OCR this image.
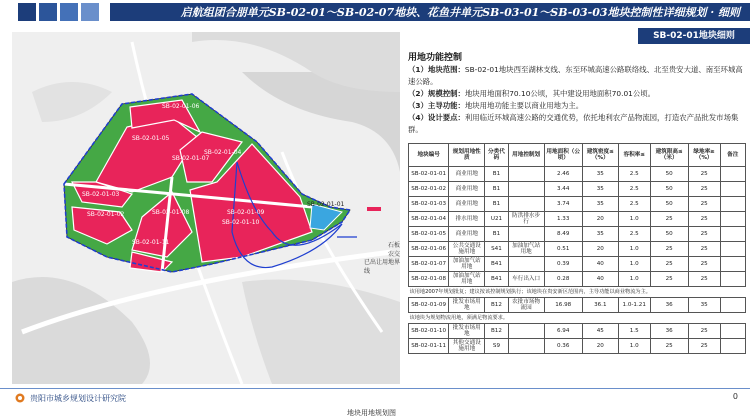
启航组团合朋单元SB-02-01～SB-02-07地块、花鱼井单元SB-03-01～SB-03-03地块控制性详细规划 · 细则
SB-02-01-06
SB-02-01-05
SB-02-01-07
SB-02-01-04
SB-02-01-03
SB-02-01-02	SB-02-01-08	SB-02-01-09
SB-02-01-10
SB-02-01-11
SB-02-01-01
石板农交
已出让用地界线
地块用地规划图
SB-02-01地块细则
用地功能控制
（1）地块范围：SB-02-01地块西至湖林支线、东至环城高速公路联络线、北至贵安大道、南至环城高速公路。
（2）规模控制：地块用地面积70.10公顷，其中建设用地面积70.01公顷。
（3）主导功能：地块用地功能主要以商业用地为主。
（4）设计要点：利用临近环城高速公路的交通优势，依托地利农产品物流园，打造农产品批发市场集群。
地块编号	规划用地性质	分类代码	用地控制划	用地面积（公顷）	建筑密度≤（%）	容积率≤	建筑限高≤（米）	绿地率≥（%）	备注
SB-02-01-01	商业用地	B1		2.46	35	2.5	50	25	
SB-02-01-02	商业用地	B1		3.44	35	2.5	50	25	
SB-02-01-03	商业用地	B1		3.74	35	2.5	50	25	
SB-02-01-04	排水用地	U21	防洪排水步行	1.33	20	1.0	25	25	
SB-02-01-05	商业用地	B1		8.49	35	2.5	50	25	
SB-02-01-06	公共交通设施用地	S41	加油加气站用地	0.51	20	1.0	25	25	
SB-02-01-07	加油加气站用地	B41		0.39	40	1.0	25	25	
SB-02-01-08	加油加气站用地	B41	车行出入口	0.28	40	1.0	25	25	
该用地2007年规划批复；建议按该控制规划执行；该地块在贵安新区范围内，主导功能以商业物流为主。									
SB-02-01-09	批发市场用地	B12	农批市场物流园	16.98	36.1	1.0-1.21	36	35	
该地块为规划物流用地，须满足物流要求。									
SB-02-01-10	批发市场用地	B12		6.94	45	1.5	36	25	
SB-02-01-11	其他交通设施用地	S9		0.36	20	1.0	25	25	
贵阳市城乡规划设计研究院	0
